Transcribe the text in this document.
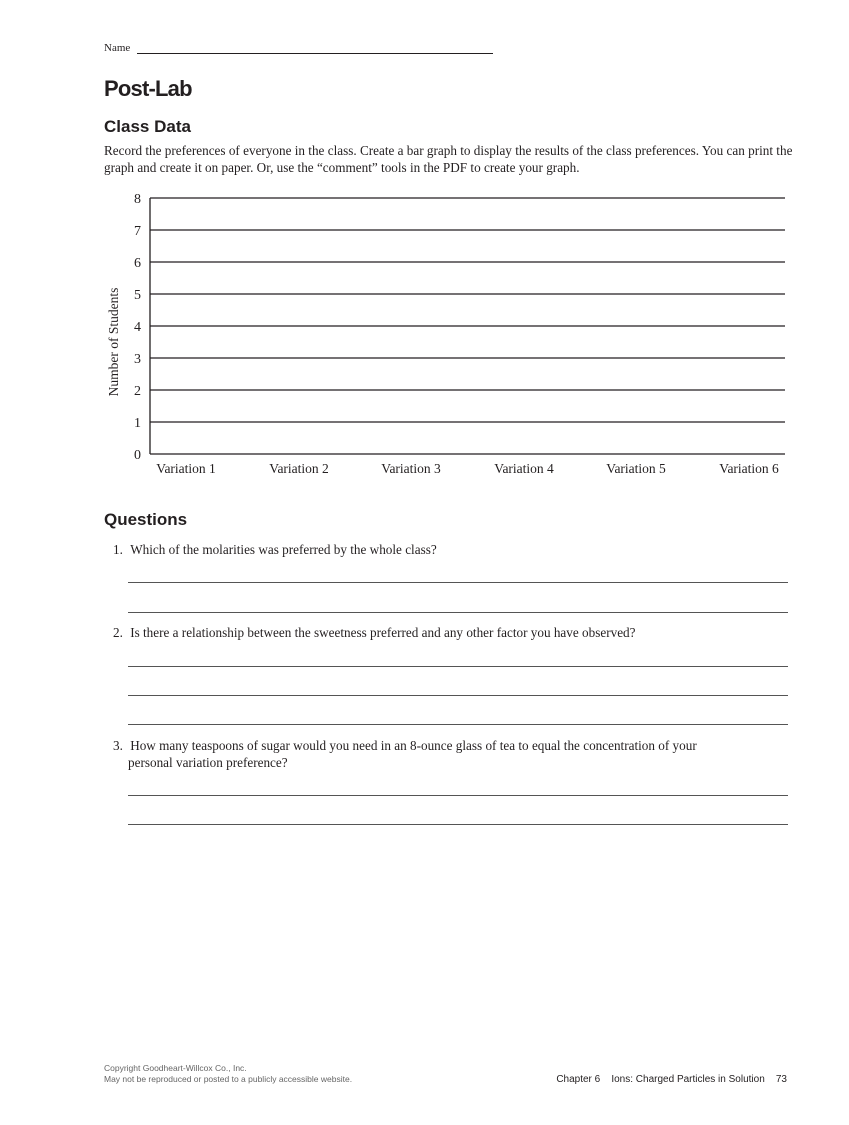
Name
Post-Lab
Class Data
Record the preferences of everyone in the class. Create a bar graph to display the results of the class preferences. You can print the graph and create it on paper. Or, use the “comment” tools in the PDF to create your graph.
Number of Students
0
1
2
3
4
5
6
7
8
Variation 1	Variation 2	Variation 3	Variation 4	Variation 5	Variation 6
Questions
1. Which of the molarities was preferred by the whole class?
2. Is there a relationship between the sweetness preferred and any other factor you have observed?
3. How many teaspoons of sugar would you need in an 8-ounce glass of tea to equal the concentration of your
personal variation preference?
Copyright Goodheart-Willcox Co., Inc.
May not be reproduced or posted to a publicly accessible website.	Chapter 6    Ions: Charged Particles in Solution    73
